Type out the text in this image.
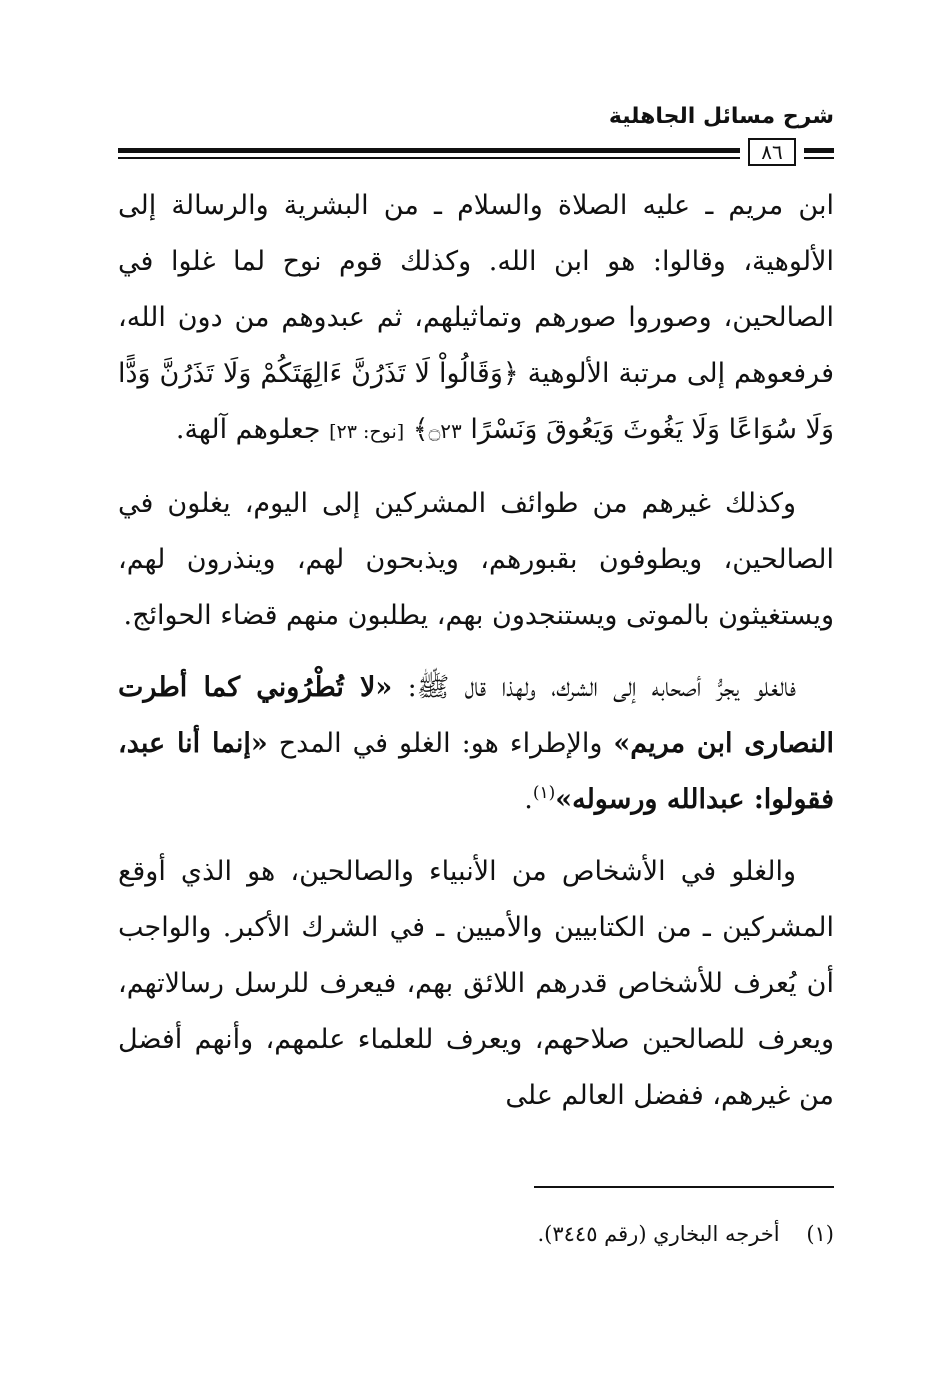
شرح مسائل الجاهلية
٨٦

ابن مريم ـ عليه الصلاة والسلام ـ من البشرية والرسالة إلى الألوهية، وقالوا: هو ابن الله. وكذلك قوم نوح لما غلوا في الصالحين، وصوروا صورهم وتماثيلهم، ثم عبدوهم من دون الله، فرفعوهم إلى مرتبة الألوهية ﴿وَقَالُواْ لَا تَذَرُنَّ ءَالِهَتَكُمْ وَلَا تَذَرُنَّ وَدًّا وَلَا سُوَاعًا وَلَا يَغُوثَ وَيَعُوقَ وَنَسْرًا ۝٢٣﴾ [نوح: ٢٣] جعلوهم آلهة.

وكذلك غيرهم من طوائف المشركين إلى اليوم، يغلون في الصالحين، ويطوفون بقبورهم، ويذبحون لهم، وينذرون لهم، ويستغيثون بالموتى ويستنجدون بهم، يطلبون منهم قضاء الحوائج.

فالغلو يجرُّ أصحابه إلى الشرك، ولهذا قال ﷺ: «لا تُطْرُوني كما أطرت النصارى ابن مريم» والإطراء هو: الغلو في المدح «إنما أنا عبد، فقولوا: عبدالله ورسوله»$^{(١)}$.

والغلو في الأشخاص من الأنبياء والصالحين، هو الذي أوقع المشركين ـ من الكتابيين والأميين ـ في الشرك الأكبر. والواجب أن يُعرف للأشخاص قدرهم اللائق بهم، فيعرف للرسل رسالاتهم، ويعرف للصالحين صلاحهم، ويعرف للعلماء علمهم، وأنهم أفضل من غيرهم، ففضل العالم على

(١)    أخرجه البخاري (رقم ٣٤٤٥).
